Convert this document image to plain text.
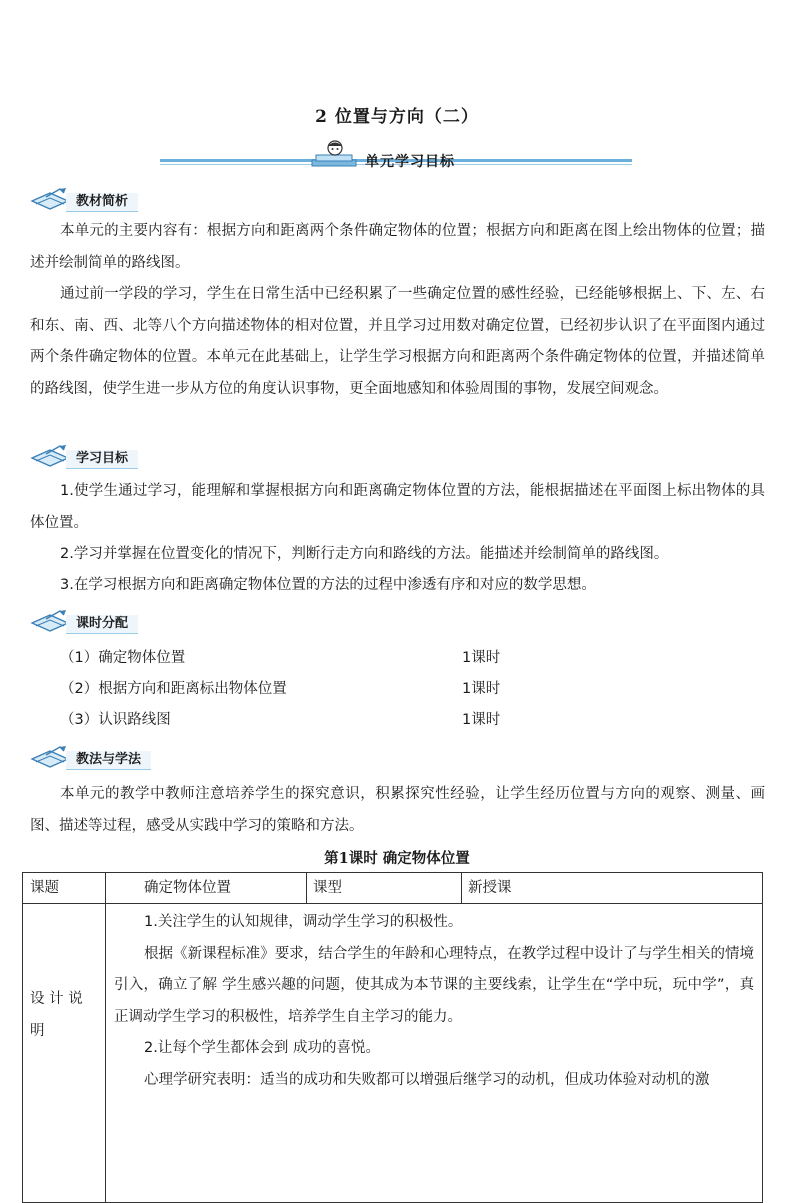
2 位置与方向（二）
单元学习目标
教材简析

本单元的主要内容有：根据方向和距离两个条件确定物体的位置；根据方向和距离在图上绘出物体的位置；描述并绘制简单的路线图。

通过前一学段的学习，学生在日常生活中已经积累了一些确定位置的感性经验，已经能够根据上、下、左、右和东、南、西、北等八个方向描述物体的相对位置，并且学习过用数对确定位置，已经初步认识了在平面图内通过两个条件确定物体的位置。本单元在此基础上，让学生学习根据方向和距离两个条件确定物体的位置，并描述简单的路线图，使学生进一步从方位的角度认识事物，更全面地感知和体验周围的事物，发展空间观念。

学习目标

1.使学生通过学习，能理解和掌握根据方向和距离确定物体位置的方法，能根据描述在平面图上标出物体的具体位置。

2.学习并掌握在位置变化的情况下，判断行走方向和路线的方法。能描述并绘制简单的路线图。

3.在学习根据方向和距离确定物体位置的方法的过程中渗透有序和对应的数学思想。

课时分配
（1）确定物体位置	1课时
（2）根据方向和距离标出物体位置	1课时
（3）认识路线图	1课时
教法与学法

本单元的教学中教师注意培养学生的探究意识，积累探究性经验，让学生经历位置与方向的观察、测量、画图、描述等过程，感受从实践中学习的策略和方法。

第1课时 确定物体位置
课题	确定物体位置	课型	新授课
设 计 说 明	1.关注学生的认知规律，调动学生学习的积极性。

根据《新课程标准》要求，结合学生的年龄和心理特点，在教学过程中设计了与学生相关的情境引入，确立了解 学生感兴趣的问题，使其成为本节课的主要线索，让学生在“学中玩，玩中学”，真正调动学生学习的积极性，培养学生自主学习的能力。

2.让每个学生都体会到 成功的喜悦。

心理学研究表明：适当的成功和失败都可以增强后继学习的动机，但成功体验对动机的激		
